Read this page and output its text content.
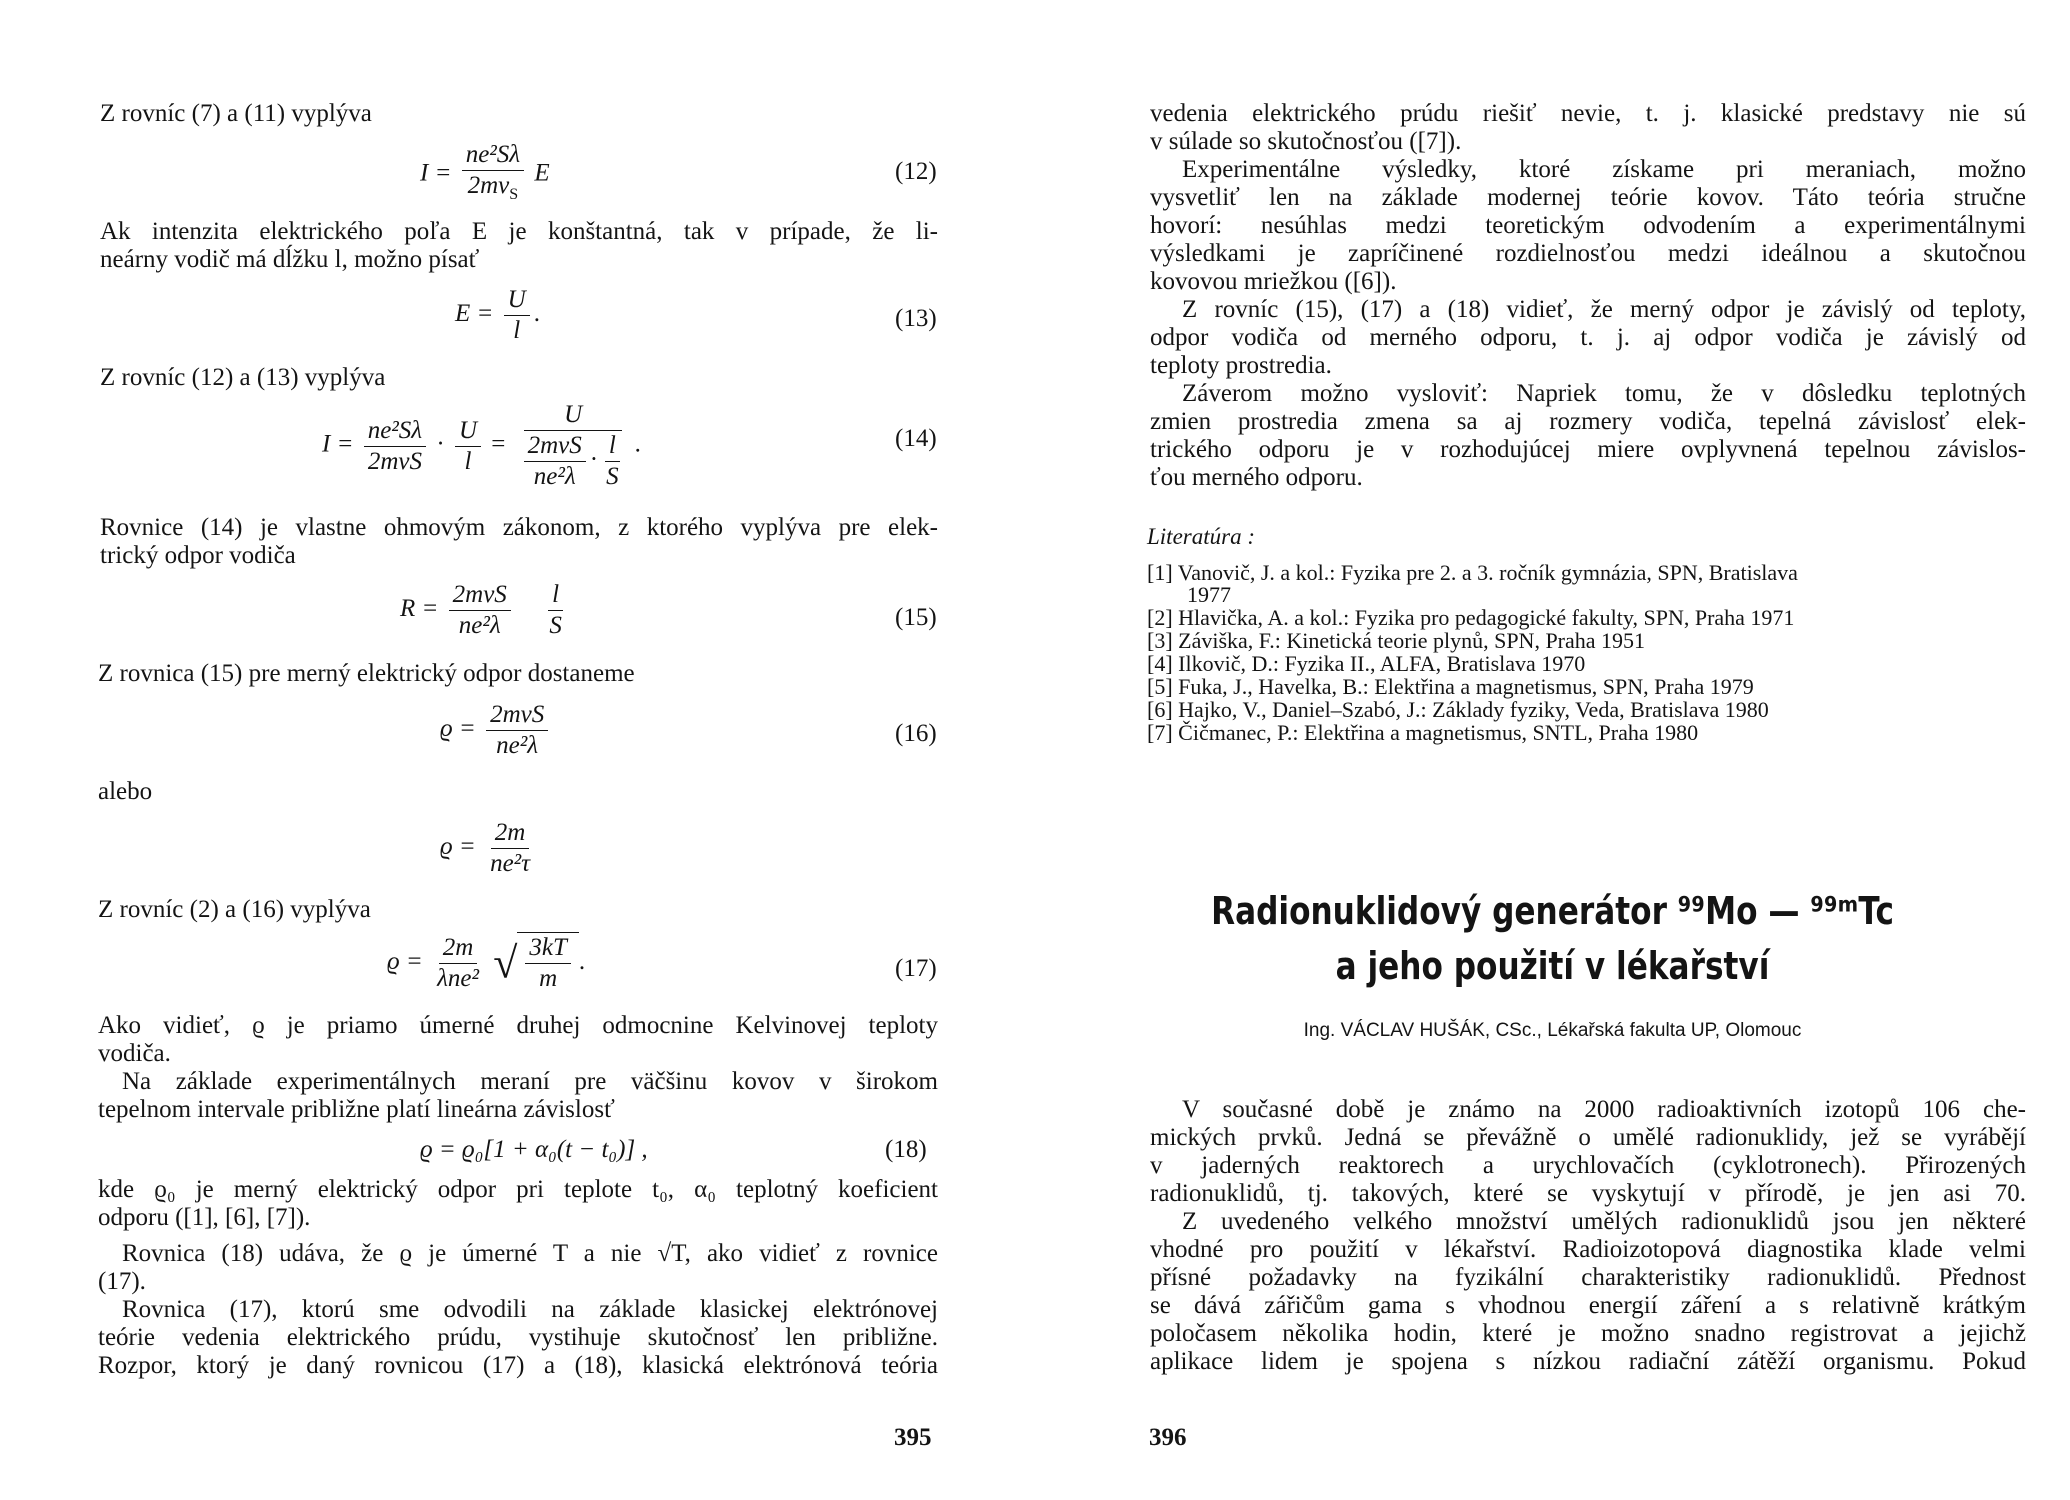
Z rovníc (7) a (11) vyplýva
$I = \frac{\text{ne²Sλ}}{2mv_S}$ E	(12)
Ak intenzita elektrického poľa E je konštantná, tak v prípade, že li-
neárny vodič má dĺžku l, možno písať
$E = \frac{U}{l}$ .	(13)
Z rovníc (12) a (13) vyplýva
$I = \frac{\text{ne²Sλ}}{\text{2mvS}} \cdot \frac{U}{l} = \frac{U}{\frac{\text{2mvS}}{\text{ne²λ}} \cdot \frac{l}{S}}$ .	(14)
Rovnice (14) je vlastne ohmovým zákonom, z ktorého vyplýva pre elek-
trický odpor vodiča
$R = \frac{\text{2mvS}}{\text{ne²λ}}$
$\frac{l}{S}$	(15)
Z rovnica (15) pre merný elektrický odpor dostaneme
$ϱ = \frac{\text{2mvS}}{\text{ne²λ}}$	(16)
alebo
$ϱ = \frac{2m}{\text{ne²τ}}$
Z rovníc (2) a (16) vyplýva
$ϱ = \frac{2m}{\text{λne²}}$ √ $\frac{3kT}{m}$ .	(17)
Ako vidieť, ϱ je priamo úmerné druhej odmocnine Kelvinovej teploty
vodiča.
Na základe experimentálnych meraní pre väčšinu kovov v širokom
tepelnom intervale približne platí lineárna závislosť
ϱ = ϱ₀[1 + α₀(t − t₀)] ,	(18)
kde ϱ₀ je merný elektrický odpor pri teplote t₀, α₀ teplotný koeficient
odporu ([1], [6], [7]).
Rovnica (18) udáva, že ϱ je úmerné T a nie √T, ako vidieť z rovnice
(17).
Rovnica (17), ktorú sme odvodili na základe klasickej elektrónovej
teórie vedenia elektrického prúdu, vystihuje skutočnosť len približne.
Rozpor, ktorý je daný rovnicou (17) a (18), klasická elektrónová teória
395
vedenia elektrického prúdu riešiť nevie, t. j. klasické predstavy nie sú
v súlade so skutočnosťou ([7]).
Experimentálne výsledky, ktoré získame pri meraniach, možno
vysvetliť len na základe modernej teórie kovov. Táto teória stručne
hovorí: nesúhlas medzi teoretickým odvodením a experimentálnymi
výsledkami je zapríčinené rozdielnosťou medzi ideálnou a skutočnou
kovovou mriežkou ([6]).
Z rovníc (15), (17) a (18) vidieť, že merný odpor je závislý od teploty,
odpor vodiča od merného odporu, t. j. aj odpor vodiča je závislý od
teploty prostredia.
Záverom možno vysloviť: Napriek tomu, že v dôsledku teplotných
zmien prostredia zmena sa aj rozmery vodiča, tepelná závislosť elek-
trického odporu je v rozhodujúcej miere ovplyvnená tepelnou závislos-
ťou merného odporu.
Literatúra :
[1] Vanovič, J. a kol.: Fyzika pre 2. a 3. ročník gymnázia, SPN, Bratislava
1977
[2] Hlavička, A. a kol.: Fyzika pro pedagogické fakulty, SPN, Praha 1971
[3] Záviška, F.: Kinetická teorie plynů, SPN, Praha 1951
[4] Ilkovič, D.: Fyzika II., ALFA, Bratislava 1970
[5] Fuka, J., Havelka, B.: Elektřina a magnetismus, SPN, Praha 1979
[6] Hajko, V., Daniel–Szabó, J.: Základy fyziky, Veda, Bratislava 1980
[7] Čičmanec, P.: Elektřina a magnetismus, SNTL, Praha 1980
Radionuklidový generátor ⁹⁹Mo — ⁹⁹ᵐTc
a jeho použití v lékařství
Ing. VÁCLAV HUŠÁK, CSc., Lékařská fakulta UP, Olomouc
V současné době je známo na 2000 radioaktivních izotopů 106 che-
mických prvků. Jedná se převážně o umělé radionuklidy, jež se vyrábějí
v jaderných reaktorech a urychlovačích (cyklotronech). Přirozených
radionuklidů, tj. takových, které se vyskytují v přírodě, je jen asi 70.
Z uvedeného velkého množství umělých radionuklidů jsou jen některé
vhodné pro použití v lékařství. Radioizotopová diagnostika klade velmi
přísné požadavky na fyzikální charakteristiky radionuklidů. Přednost
se dává zářičům gama s vhodnou energií záření a s relativně krátkým
poločasem několika hodin, které je možno snadno registrovat a jejichž
aplikace lidem je spojena s nízkou radiační zátěží organismu. Pokud
396
